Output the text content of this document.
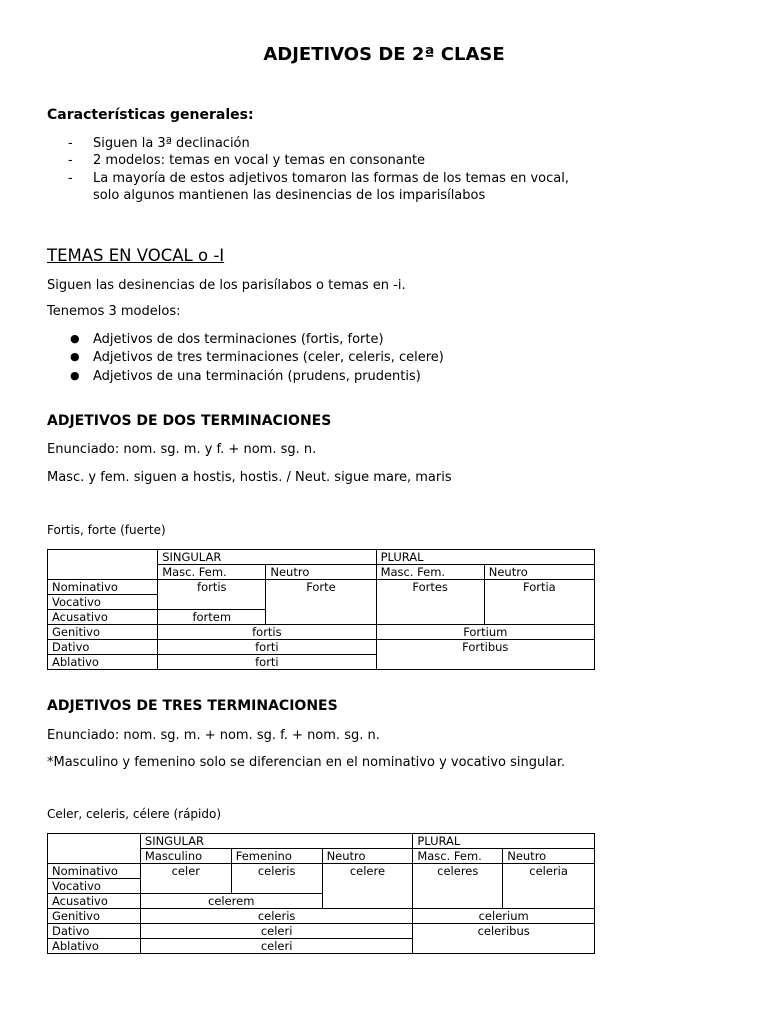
ADJETIVOS DE 2ª CLASE
Características generales:
- Siguen la 3ª declinación
- 2 modelos: temas en vocal y temas en consonante
- La mayoría de estos adjetivos tomaron las formas de los temas en vocal,
solo algunos mantienen las desinencias de los imparisílabos
TEMAS EN VOCAL o -I
Siguen las desinencias de los parisílabos o temas en -i.
Tenemos 3 modelos:
● Adjetivos de dos terminaciones (fortis, forte)
● Adjetivos de tres terminaciones (celer, celeris, celere)
● Adjetivos de una terminación (prudens, prudentis)
ADJETIVOS DE DOS TERMINACIONES
Enunciado: nom. sg. m. y f. + nom. sg. n.
Masc. y fem. siguen a hostis, hostis. / Neut. sigue mare, maris
Fortis, forte (fuerte)
	SINGULAR		PLURAL	
	Masc. Fem.	Neutro	Masc. Fem.	Neutro
Nominativo	fortis	Forte	Fortes	Fortia
Vocativo				
Acusativo	fortem			
Genitivo	fortis		Fortium	
Dativo	forti		Fortibus	
Ablativo	forti			
ADJETIVOS DE TRES TERMINACIONES
Enunciado: nom. sg. m. + nom. sg. f. + nom. sg. n.
*Masculino y femenino solo se diferencian en el nominativo y vocativo singular.
Celer, celeris, célere (rápido)
	SINGULAR			PLURAL	
	Masculino	Femenino	Neutro	Masc. Fem.	Neutro
Nominativo	celer	celeris	celere	celeres	celeria
Vocativo					
Acusativo	celerem				
Genitivo	celeris			celerium	
Dativo	celeri			celeribus	
Ablativo	celeri				
